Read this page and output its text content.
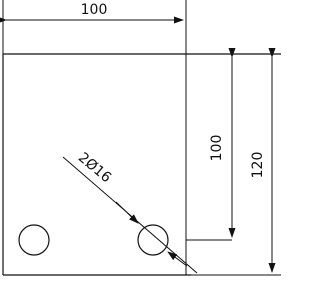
100
100
120
2Ø16
